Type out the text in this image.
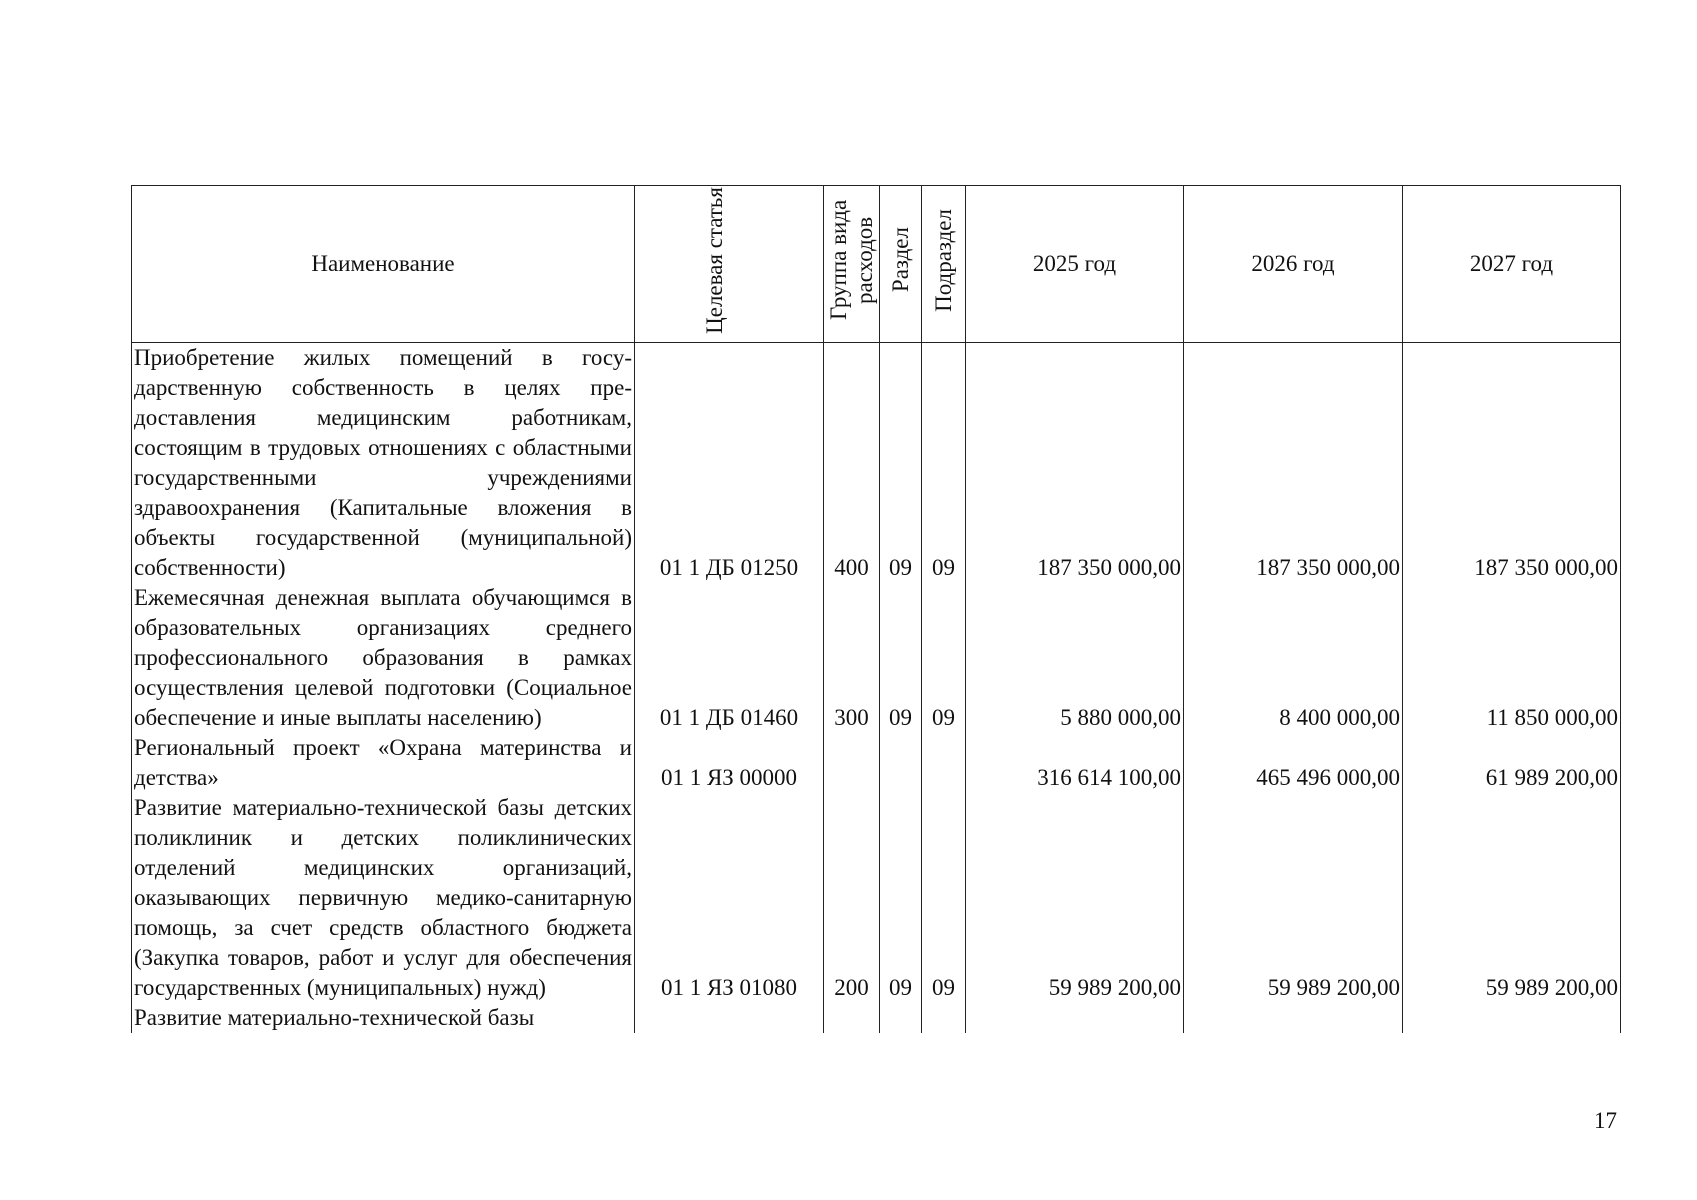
Наименование	Целевая статья	Группа вида расходов	Раздел	Подраздел	2025 год	2026 год	2027 год
Приобретение жилых помещений в государственную собственность в целях предоставления медицинским работникам, состоящим в трудовых отношениях с областными государственными учреждениями здравоохранения (Капитальные вложения в объекты государственной (муниципальной) собственности)	01 1 ДБ 01250	400	09	09	187 350 000,00	187 350 000,00	187 350 000,00
Ежемесячная денежная выплата обучающимся в образовательных организациях среднего профессионального образования в рамках осуществления целевой подготовки (Социальное обеспечение и иные выплаты населению)	01 1 ДБ 01460	300	09	09	5 880 000,00	8 400 000,00	11 850 000,00
Региональный проект «Охрана материнства и детства»	01 1 ЯЗ 00000				316 614 100,00	465 496 000,00	61 989 200,00
Развитие материально-технической базы детских поликлиник и детских поликлинических отделений медицинских организаций, оказывающих первичную медико-санитарную помощь, за счет средств областного бюджета (Закупка товаров, работ и услуг для обеспечения государственных (муниципальных) нужд)	01 1 ЯЗ 01080	200	09	09	59 989 200,00	59 989 200,00	59 989 200,00
Развитие материально-технической базы							
17
